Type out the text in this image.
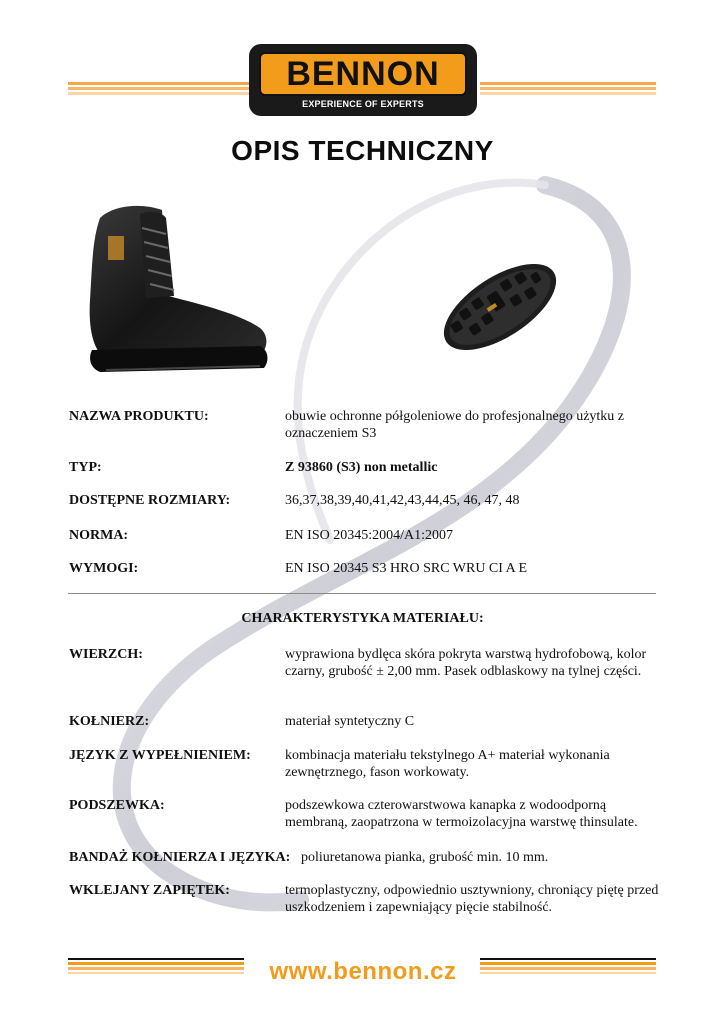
BENNON
EXPERIENCE OF EXPERTS
OPIS TECHNICZNY
NAZWA PRODUKTU:	obuwie ochronne półgoleniowe do profesjonalnego użytku z oznaczeniem S3
TYP:	Z 93860 (S3) non metallic
DOSTĘPNE ROZMIARY:	36,37,38,39,40,41,42,43,44,45, 46, 47, 48
NORMA:	EN ISO 20345:2004/A1:2007
WYMOGI:	EN ISO 20345 S3 HRO SRC WRU CI A E
CHARAKTERYSTYKA MATERIAŁU:
WIERZCH:	wyprawiona bydlęca skóra pokryta warstwą hydrofobową, kolor czarny, grubość ± 2,00 mm. Pasek odblaskowy na tylnej części.
KOŁNIERZ:	materiał syntetyczny C
JĘZYK Z WYPEŁNIENIEM: kombinacja materiału tekstylnego A+ materiał wykonania zewnętrznego, fason workowaty.
PODSZEWKA:	podszewkowa czterowarstwowa kanapka z wodoodporną membraną, zaopatrzona w termoizolacyjna warstwę thinsulate.
BANDAŻ KOŁNIERZA I JĘZYKA: poliuretanowa pianka, grubość min. 10 mm.
WKLEJANY ZAPIĘTEK:	termoplastyczny, odpowiednio usztywniony, chroniący piętę przed uszkodzeniem i zapewniający pięcie stabilność.
www.bennon.cz
